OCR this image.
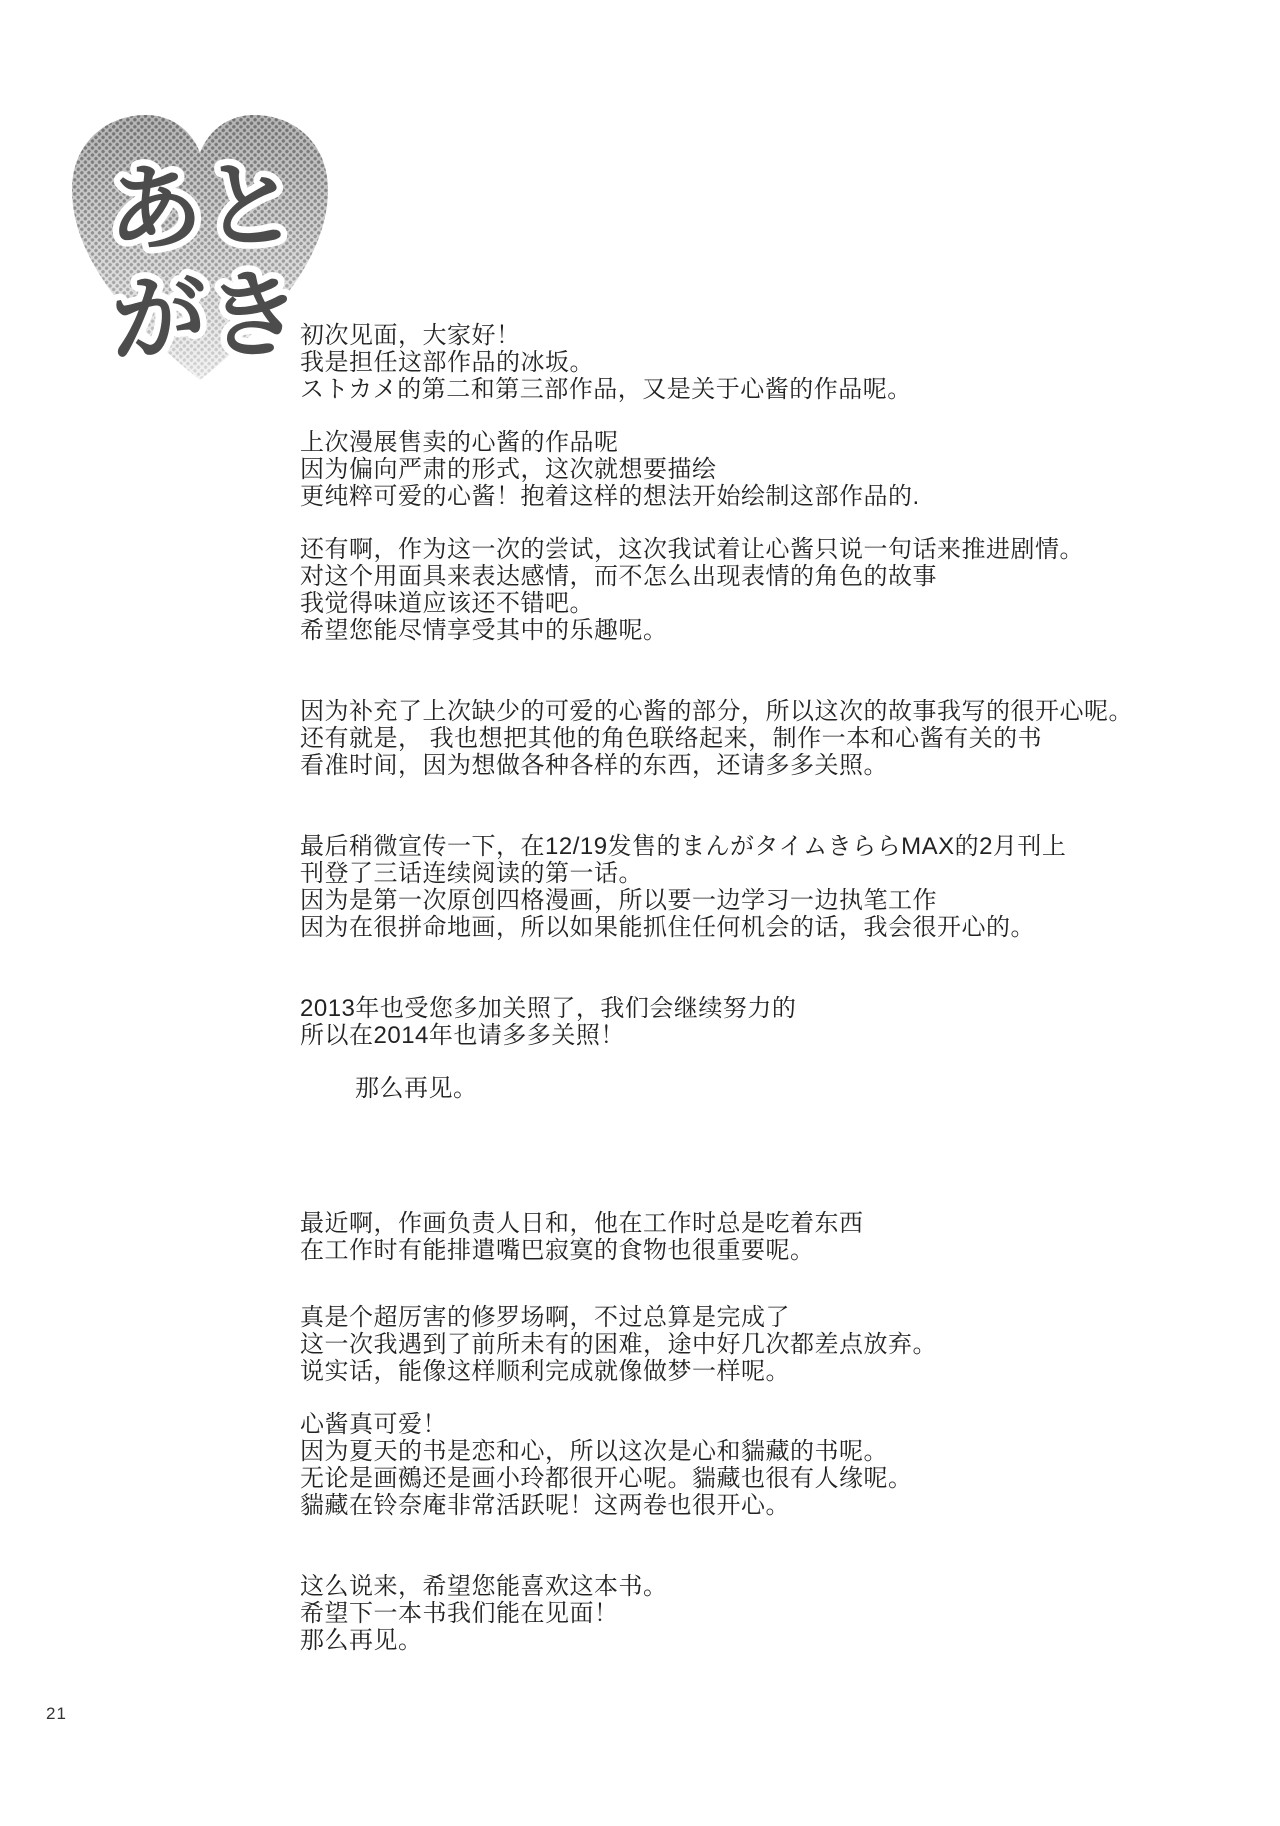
あと
がき
初次见面，大家好！
我是担任这部作品的冰坂。
ストカメ的第二和第三部作品，又是关于心酱的作品呢。
上次漫展售卖的心酱的作品呢
因为偏向严肃的形式，这次就想要描绘
更纯粹可爱的心酱！抱着这样的想法开始绘制这部作品的.
还有啊，作为这一次的尝试，这次我试着让心酱只说一句话来推进剧情。
对这个用面具来表达感情，而不怎么出现表情的角色的故事
我觉得味道应该还不错吧。
希望您能尽情享受其中的乐趣呢。
因为补充了上次缺少的可爱的心酱的部分，所以这次的故事我写的很开心呢。
还有就是， 我也想把其他的角色联络起来，制作一本和心酱有关的书
看准时间，因为想做各种各样的东西，还请多多关照。
最后稍微宣传一下，在12/19发售的まんがタイムきららMAX的2月刊上
刊登了三话连续阅读的第一话。
因为是第一次原创四格漫画，所以要一边学习一边执笔工作
因为在很拼命地画，所以如果能抓住任何机会的话，我会很开心的。
2013年也受您多加关照了，我们会继续努力的
所以在2014年也请多多关照！
那么再见。
最近啊，作画负责人日和，他在工作时总是吃着东西
在工作时有能排遣嘴巴寂寞的食物也很重要呢。
真是个超厉害的修罗场啊，不过总算是完成了
这一次我遇到了前所未有的困难，途中好几次都差点放弃。
说实话，能像这样顺利完成就像做梦一样呢。
心酱真可爱！
因为夏天的书是恋和心，所以这次是心和貒藏的书呢。
无论是画鵺还是画小玲都很开心呢。貒藏也很有人缘呢。
貒藏在铃奈庵非常活跃呢！这两卷也很开心。
这么说来，希望您能喜欢这本书。
希望下一本书我们能在见面！
那么再见。
21
